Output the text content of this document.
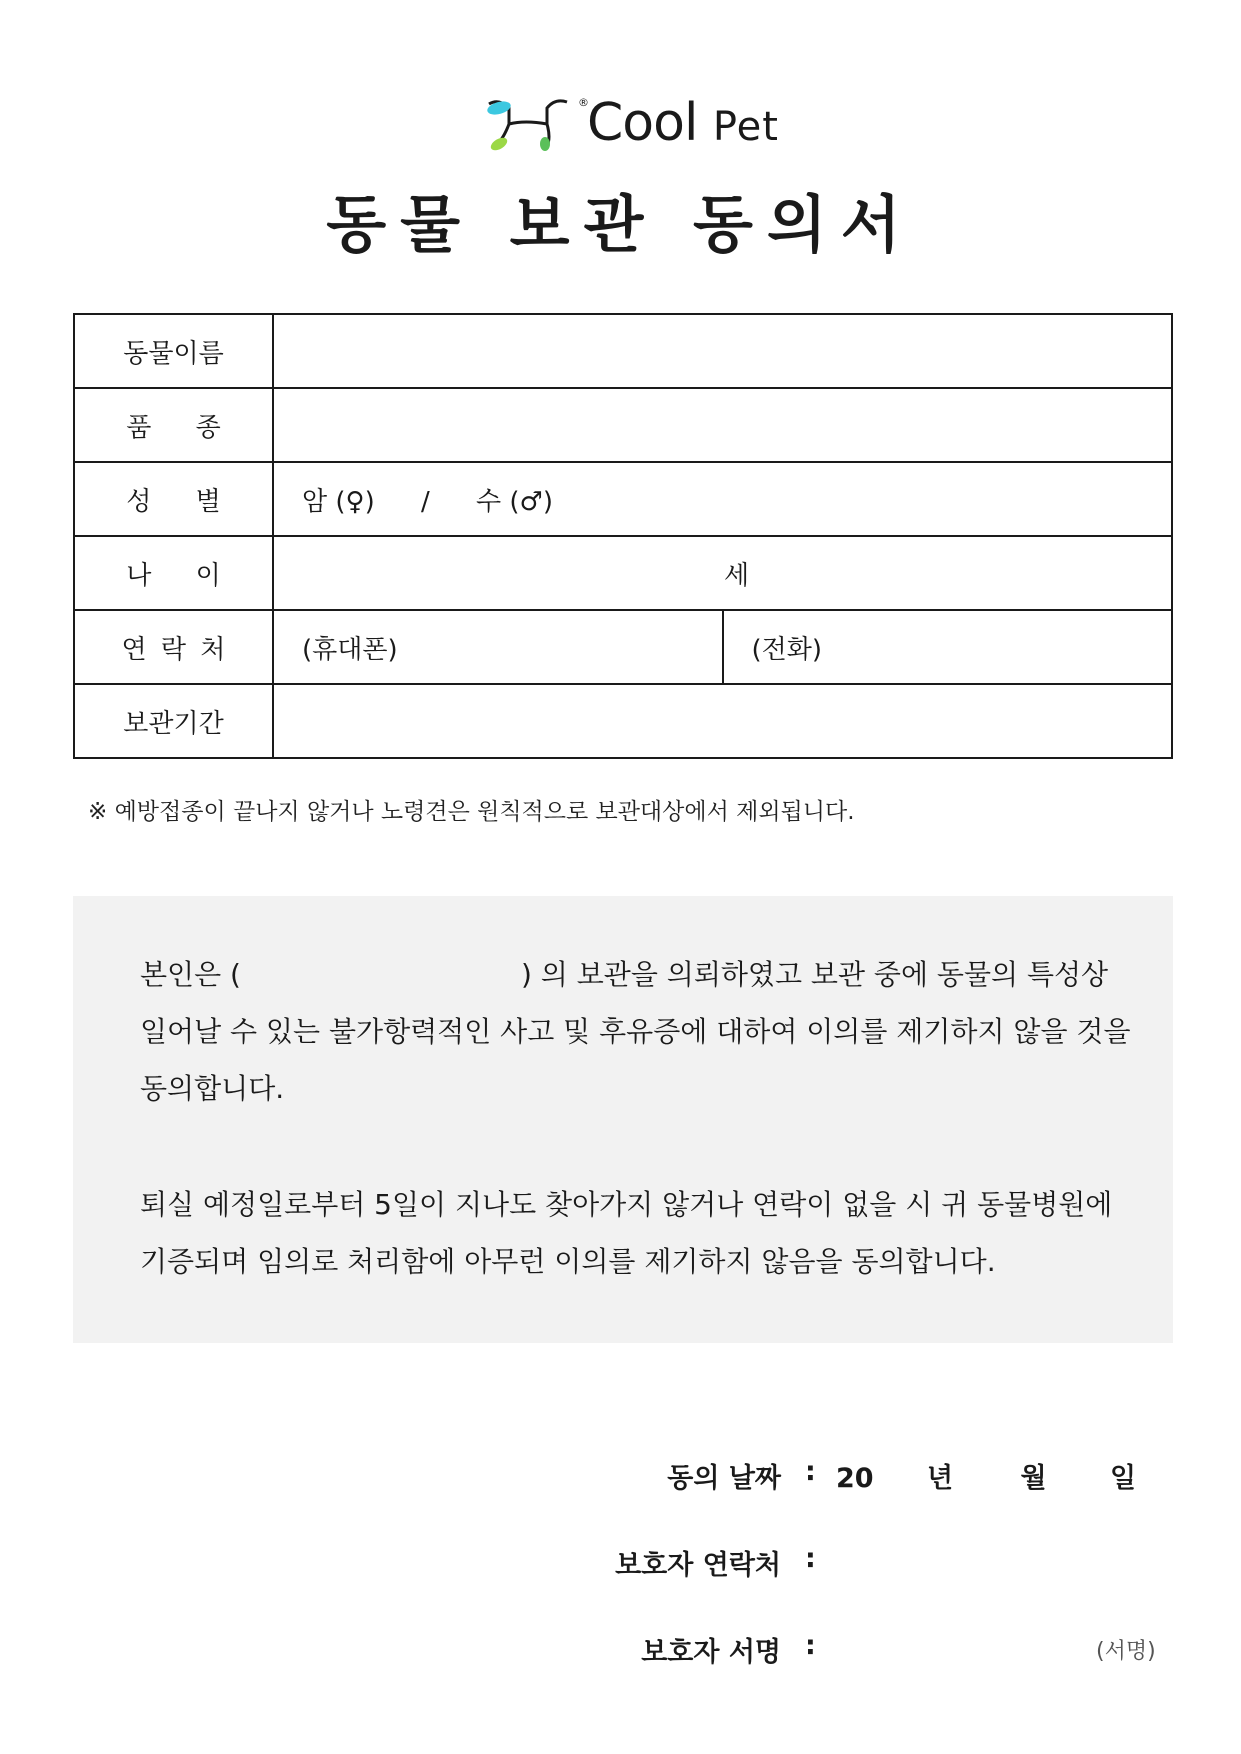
®
Cool Pet
동물 보관 동의서
동물이름		
품 종		
성 별	암 (♀) / 수 (♂)	
나 이	세	
연 락 처	(휴대폰)	(전화)
보관기간		
※ 예방접종이 끝나지 않거나 노령견은 원칙적으로 보관대상에서 제외됩니다.
본인은 (	) 의 보관을 의뢰하였고 보관 중에 동물의 특성상
일어날 수 있는 불가항력적인 사고 및 후유증에 대하여 이의를 제기하지 않을 것을
동의합니다.
퇴실 예정일로부터 5일이 지나도 찾아가지 않거나 연락이 없을 시 귀 동물병원에
기증되며 임의로 처리함에 아무런 이의를 제기하지 않음을 동의합니다.
동의 날짜 : 20 년 월 일
보호자 연락처 :
보호자 서명 :	(서명)
